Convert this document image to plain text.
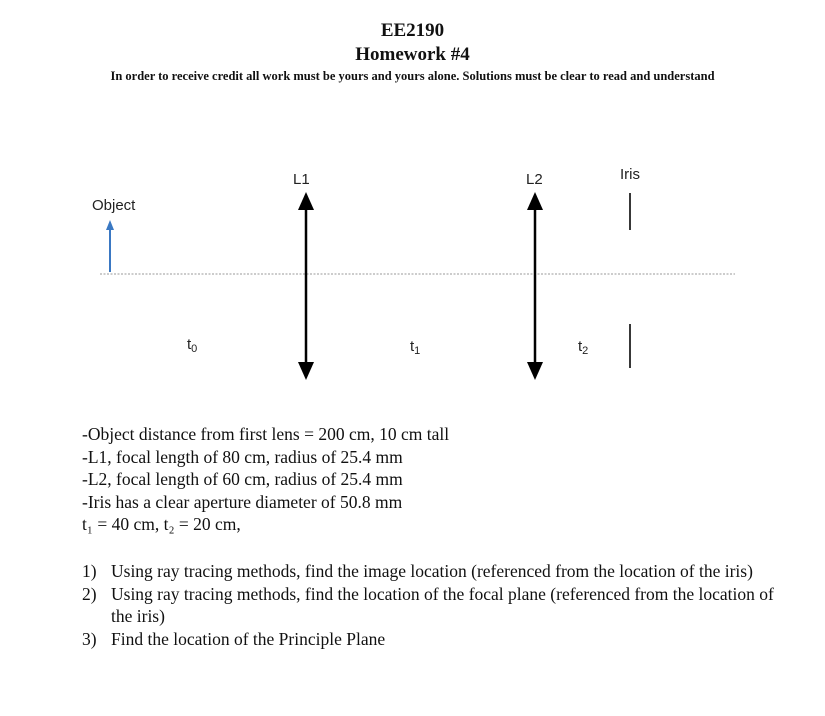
EE2190
Homework #4
In order to receive credit all work must be yours and yours alone. Solutions must be clear to read and understand
Object
L1	L2	Iris
$t_0$	$t_1$	$t_2$
-Object distance from first lens = 200 cm, 10 cm tall
-L1, focal length of 80 cm, radius of 25.4 mm
-L2, focal length of 60 cm, radius of 25.4 mm
-Iris has a clear aperture diameter of 50.8 mm
t₁ = 40 cm, t₂ = 20 cm,
1) Using ray tracing methods, find the image location (referenced from the location of the iris)
2) Using ray tracing methods, find the location of the focal plane (referenced from the location of the iris)
3) Find the location of the Principle Plane
